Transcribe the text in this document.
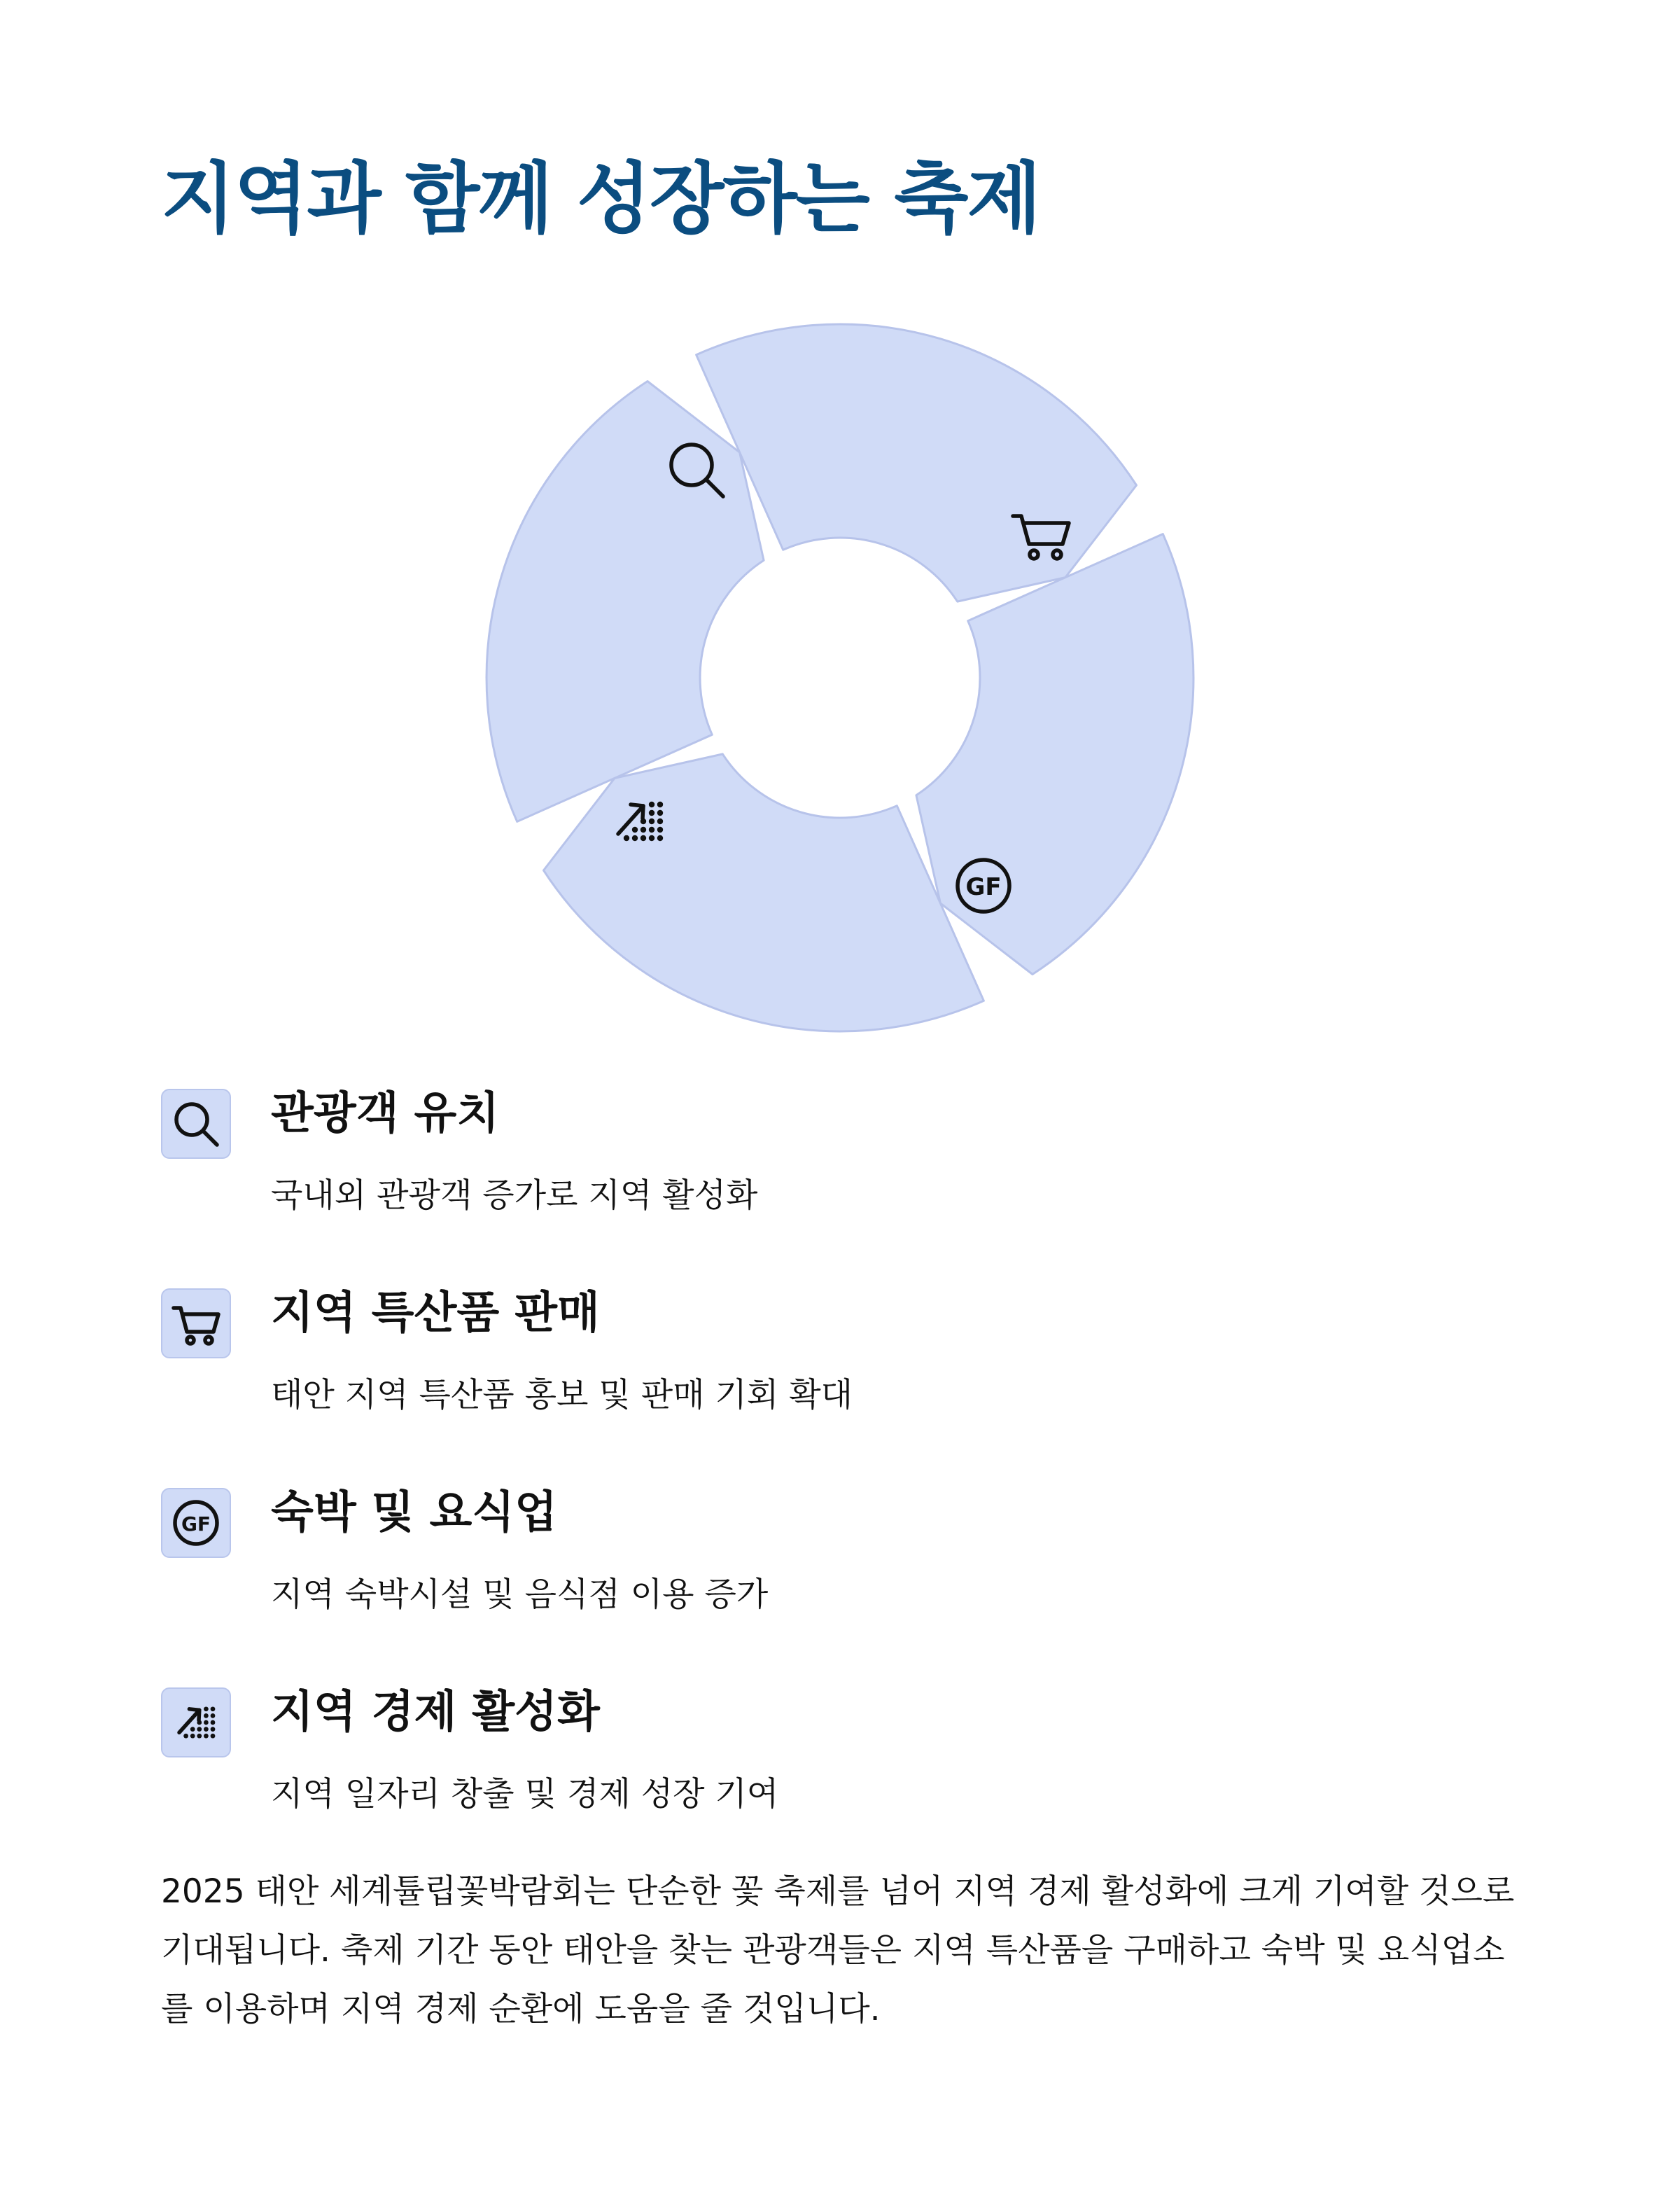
지역과 함께 성장하는 축제
GF
관광객 유치
국내외 관광객 증가로 지역 활성화
지역 특산품 판매
태안 지역 특산품 홍보 및 판매 기회 확대
GF 숙박 및 요식업
지역 숙박시설 및 음식점 이용 증가
지역 경제 활성화
지역 일자리 창출 및 경제 성장 기여
2025 태안 세계튤립꽃박람회는 단순한 꽃 축제를 넘어 지역 경제 활성화에 크게 기여할 것으로 기대됩니다. 축제 기간 동안 태안을 찾는 관광객들은 지역 특산품을 구매하고 숙박 및 요식업소를 이용하며 지역 경제 순환에 도움을 줄 것입니다.
